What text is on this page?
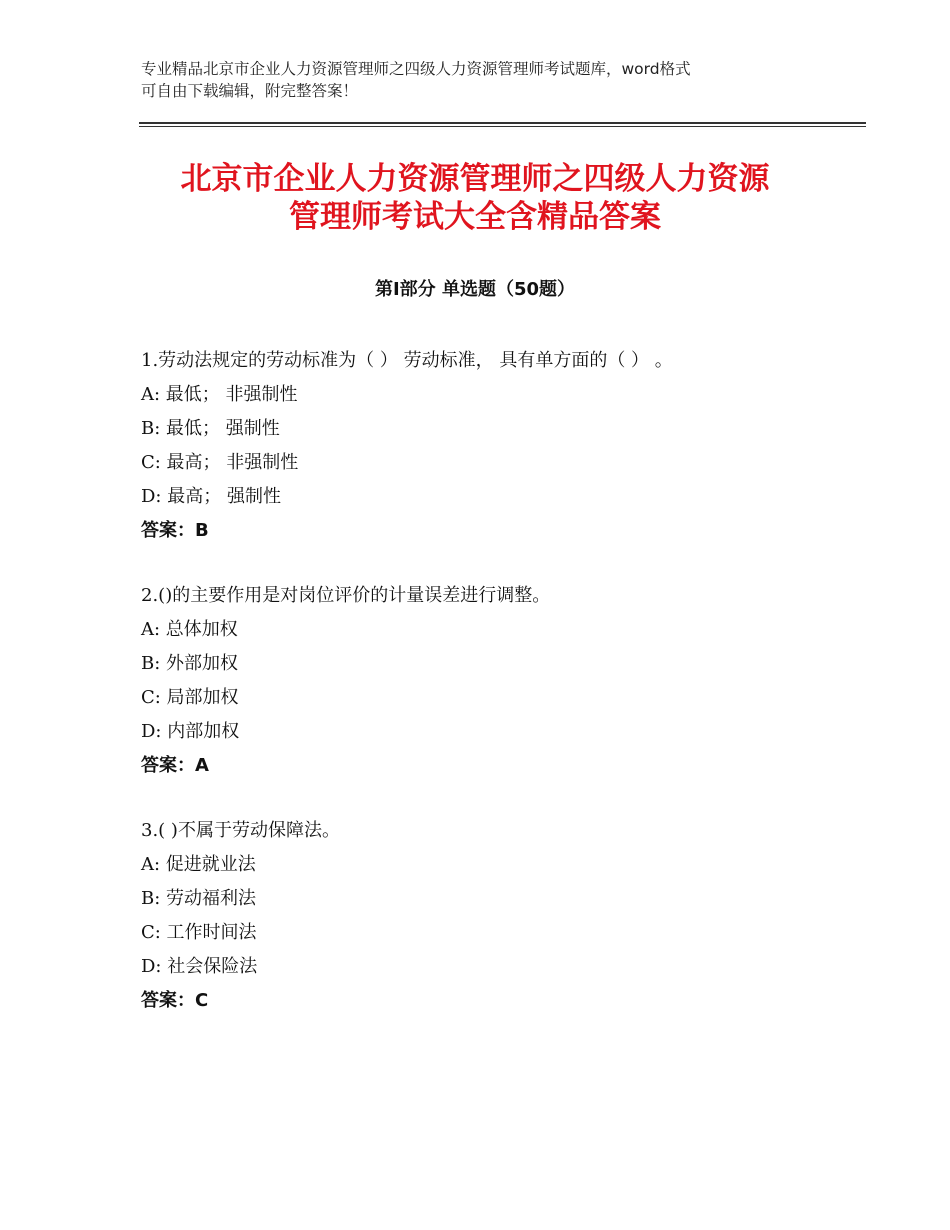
专业精品北京市企业人力资源管理师之四级人力资源管理师考试题库，word格式
可自由下载编辑，附完整答案！
北京市企业人力资源管理师之四级人力资源
管理师考试大全含精品答案
第Ⅰ部分 单选题（50题）
1.劳动法规定的劳动标准为（ ） 劳动标准， 具有单方面的（ ） 。
A: 最低； 非强制性
B: 最低； 强制性
C: 最高； 非强制性
D: 最高； 强制性
答案：B
2.()的主要作用是对岗位评价的计量误差进行调整。
A: 总体加权
B: 外部加权
C: 局部加权
D: 内部加权
答案：A
3.( )不属于劳动保障法。
A: 促进就业法
B: 劳动福利法
C: 工作时间法
D: 社会保险法
答案：C
